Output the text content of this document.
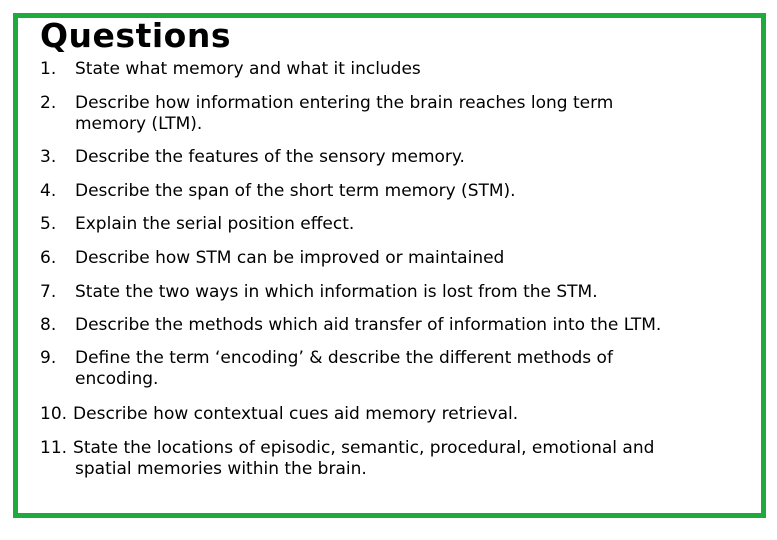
Questions

1. State what memory and what it includes

2. Describe how information entering the brain reaches long term
memory (LTM).

3. Describe the features of the sensory memory.

4. Describe the span of the short term memory (STM).

5. Explain the serial position effect.

6. Describe how STM can be improved or maintained

7. State the two ways in which information is lost from the STM.

8. Describe the methods which aid transfer of information into the LTM.

9. Define the term ‘encoding’ & describe the different methods of
encoding.

10. Describe how contextual cues aid memory retrieval.

11. State the locations of episodic, semantic, procedural, emotional and
spatial memories within the brain.
